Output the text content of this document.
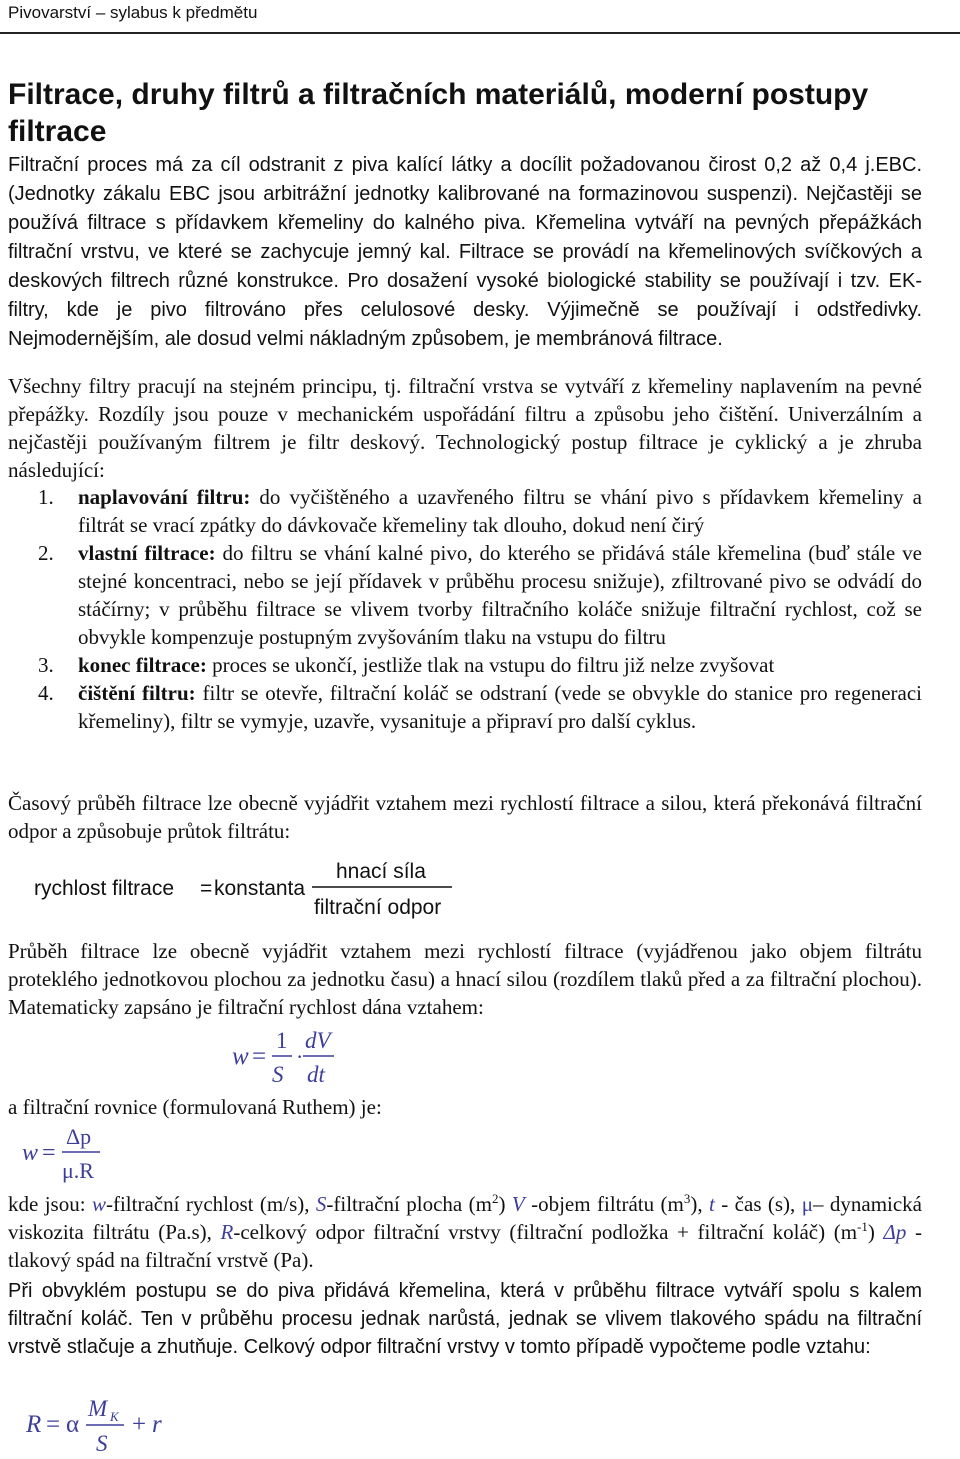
Pivovarství – sylabus k předmětu
Filtrace, druhy filtrů a filtračních materiálů, moderní postupy filtrace

Filtrační proces má za cíl odstranit z piva kalící látky a docílit požadovanou čirost 0,2 až 0,4 j.EBC. (Jednotky zákalu EBC jsou arbitrážní jednotky kalibrované na formazinovou suspenzi). Nejčastěji se používá filtrace s přídavkem křemeliny do kalného piva. Křemelina vytváří na pevných přepážkách filtrační vrstvu, ve které se zachycuje jemný kal. Filtrace se provádí na křemelinových svíčkových a deskových filtrech různé konstrukce. Pro dosažení vysoké biologické stability se používají i tzv. EK-filtry, kde je pivo filtrováno přes celulosové desky. Výjimečně se používají i odstředivky. Nejmodernějším, ale dosud velmi nákladným způsobem, je membránová filtrace.

Všechny filtry pracují na stejném principu, tj. filtrační vrstva se vytváří z křemeliny naplavením na pevné přepážky. Rozdíly jsou pouze v mechanickém uspořádání filtru a způsobu jeho čištění. Univerzálním a nejčastěji používaným filtrem je filtr deskový. Technologický postup filtrace je cyklický a je zhruba následující:

1. naplavování filtru: do vyčištěného a uzavřeného filtru se vhání pivo s přídavkem křemeliny a filtrát se vrací zpátky do dávkovače křemeliny tak dlouho, dokud není čirý
2. vlastní filtrace: do filtru se vhání kalné pivo, do kterého se přidává stále křemelina (buď stále ve stejné koncentraci, nebo se její přídavek v průběhu procesu snižuje), zfiltrované pivo se odvádí do stáčírny; v průběhu filtrace se vlivem tvorby filtračního koláče snižuje filtrační rychlost, což se obvykle kompenzuje postupným zvyšováním tlaku na vstupu do filtru
3. konec filtrace: proces se ukončí, jestliže tlak na vstupu do filtru již nelze zvyšovat
4. čištění filtru: filtr se otevře, filtrační koláč se odstraní (vede se obvykle do stanice pro regeneraci křemeliny), filtr se vymyje, uzavře, vysanituje a připraví pro další cyklus.

Časový průběh filtrace lze obecně vyjádřit vztahem mezi rychlostí filtrace a silou, která překonává filtrační odpor a způsobuje průtok filtrátu:

rychlost filtrace = konstanta
hnací síla
filtrační odpor

Průběh filtrace lze obecně vyjádřit vztahem mezi rychlostí filtrace (vyjádřenou jako objem filtrátu proteklého jednotkovou plochou za jednotku času) a hnací silou (rozdílem tlaků před a za filtrační plochou). Matematicky zapsáno je filtrační rychlost dána vztahem:

w =
1
S
·
dV
dt

a filtrační rovnice (formulovaná Ruthem) je:

w =
Δp
μ.R

kde jsou: w-filtrační rychlost (m/s), S-filtrační plocha $(m^2)$ V -objem filtrátu $(m^3)$, t - čas (s), μ– dynamická viskozita filtrátu (Pa.s), R-celkový odpor filtrační vrstvy (filtrační podložka + filtrační koláč) $(m^{-1})$ Δp - tlakový spád na filtrační vrstvě (Pa).

Při obvyklém postupu se do piva přidává křemelina, která v průběhu filtrace vytváří spolu s kalem filtrační koláč. Ten v průběhu procesu jednak narůstá, jednak se vlivem tlakového spádu na filtrační vrstvě stlačuje a zhutňuje. Celkový odpor filtrační vrstvy v tomto případě vypočteme podle vztahu:

R = α
M K
S
+ r
